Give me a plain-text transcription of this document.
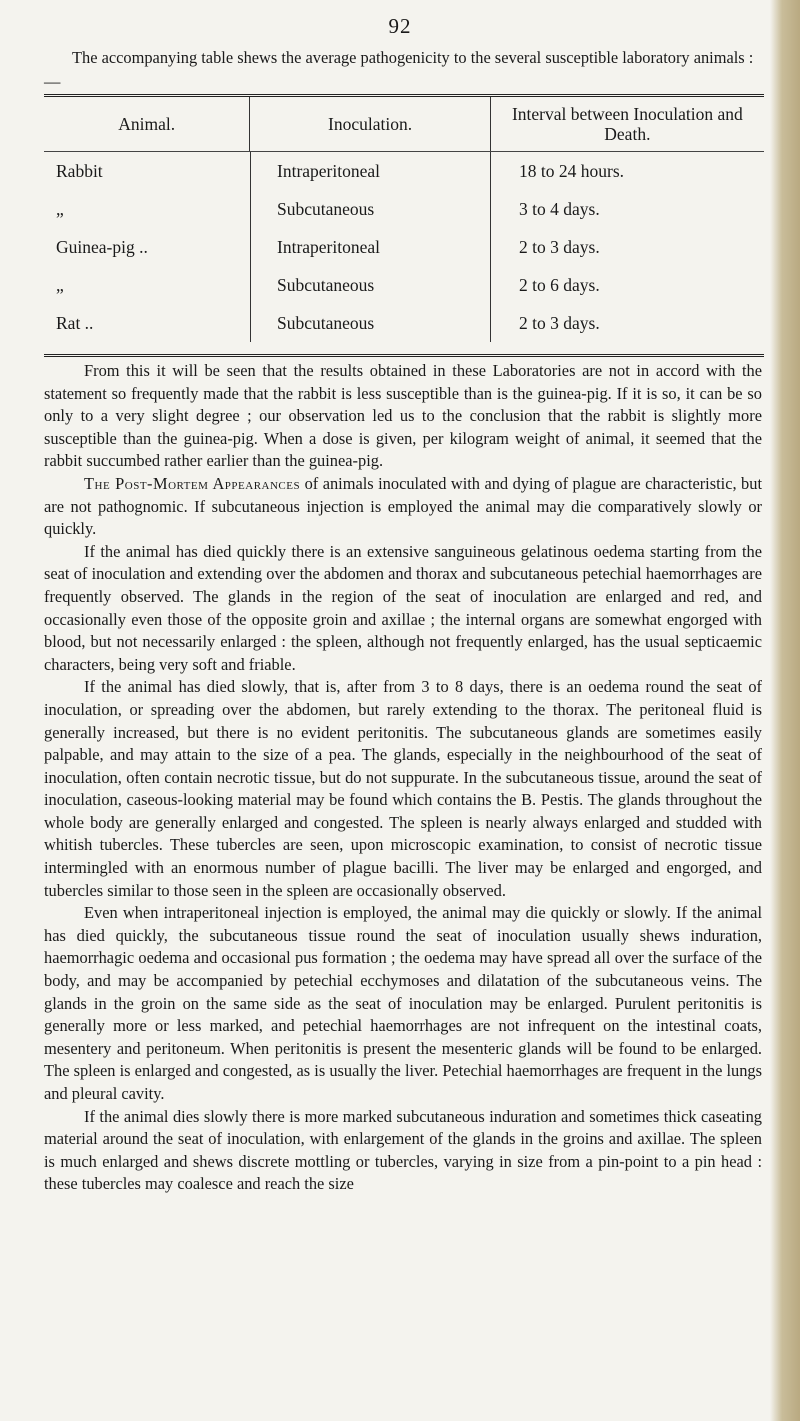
92

The accompanying table shews the average pathogenicity to the several susceptible laboratory animals :—

Animal.	Inoculation.	Interval between Inoculation and Death.
Rabbit	Intraperitoneal	18 to 24 hours.
„	Subcutaneous	3 to 4 days.
Guinea-pig ..	Intraperitoneal	2 to 3 days.
„	Subcutaneous	2 to 6 days.
Rat ..	Subcutaneous	2 to 3 days.

From this it will be seen that the results obtained in these Laboratories are not in accord with the statement so frequently made that the rabbit is less susceptible than is the guinea-pig. If it is so, it can be so only to a very slight degree ; our observation led us to the conclusion that the rabbit is slightly more susceptible than the guinea-pig. When a dose is given, per kilogram weight of animal, it seemed that the rabbit succumbed rather earlier than the guinea-pig.

The Post-Mortem Appearances of animals inoculated with and dying of plague are characteristic, but are not pathognomic. If subcutaneous injection is employed the animal may die comparatively slowly or quickly.

If the animal has died quickly there is an extensive sanguineous gelatinous oedema starting from the seat of inoculation and extending over the abdomen and thorax and subcutaneous petechial haemorrhages are frequently observed. The glands in the region of the seat of inoculation are enlarged and red, and occasionally even those of the opposite groin and axillae ; the internal organs are somewhat engorged with blood, but not necessarily enlarged : the spleen, although not frequently enlarged, has the usual septicaemic characters, being very soft and friable.

If the animal has died slowly, that is, after from 3 to 8 days, there is an oedema round the seat of inoculation, or spreading over the abdomen, but rarely extending to the thorax. The peritoneal fluid is generally increased, but there is no evident peritonitis. The subcutaneous glands are sometimes easily palpable, and may attain to the size of a pea. The glands, especially in the neighbourhood of the seat of inoculation, often contain necrotic tissue, but do not suppurate. In the subcutaneous tissue, around the seat of inoculation, caseous-looking material may be found which contains the B. Pestis. The glands throughout the whole body are generally enlarged and congested. The spleen is nearly always enlarged and studded with whitish tubercles. These tubercles are seen, upon microscopic examination, to consist of necrotic tissue intermingled with an enormous number of plague bacilli. The liver may be enlarged and engorged, and tubercles similar to those seen in the spleen are occasionally observed.

Even when intraperitoneal injection is employed, the animal may die quickly or slowly. If the animal has died quickly, the subcutaneous tissue round the seat of inoculation usually shews induration, haemorrhagic oedema and occasional pus formation ; the oedema may have spread all over the surface of the body, and may be accompanied by petechial ecchymoses and dilatation of the subcutaneous veins. The glands in the groin on the same side as the seat of inoculation may be enlarged. Purulent peritonitis is generally more or less marked, and petechial haemorrhages are not infrequent on the intestinal coats, mesentery and peritoneum. When peritonitis is present the mesenteric glands will be found to be enlarged. The spleen is enlarged and congested, as is usually the liver. Petechial haemorrhages are frequent in the lungs and pleural cavity.

If the animal dies slowly there is more marked subcutaneous induration and sometimes thick caseating material around the seat of inoculation, with enlargement of the glands in the groins and axillae. The spleen is much enlarged and shews discrete mottling or tubercles, varying in size from a pin-point to a pin head : these tubercles may coalesce and reach the size
